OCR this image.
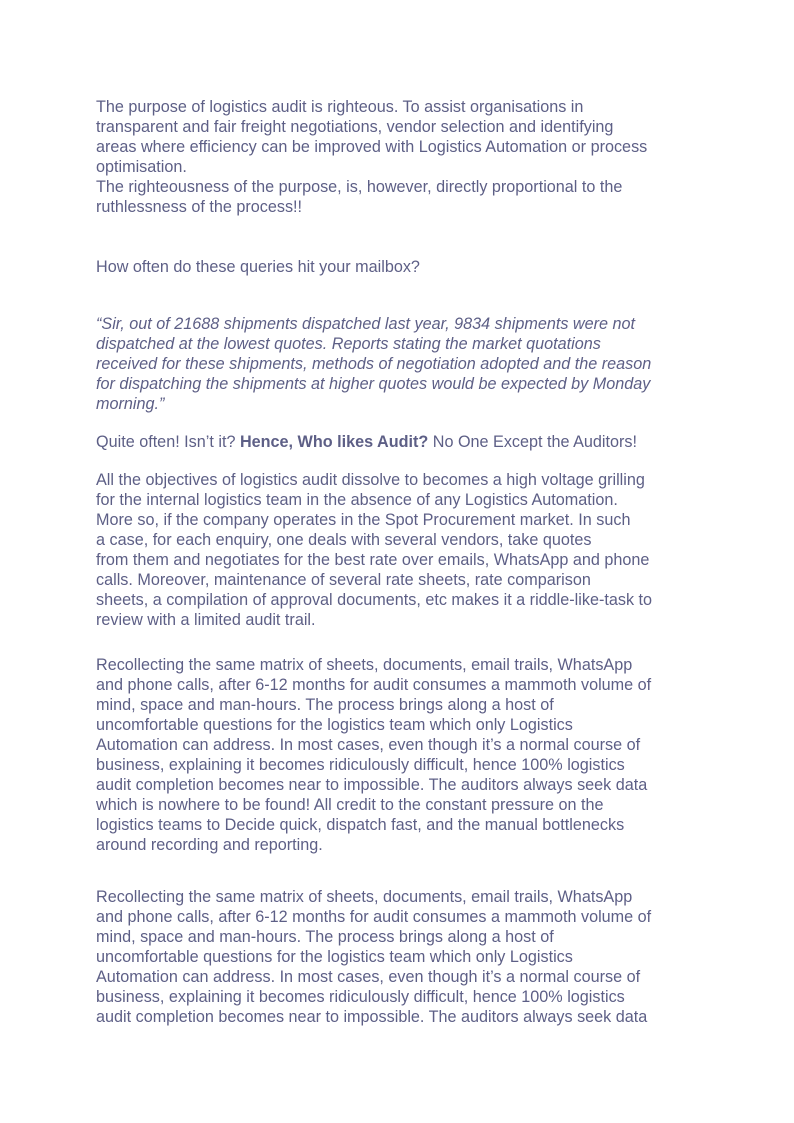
The purpose of logistics audit is righteous. To assist organisations in
transparent and fair freight negotiations, vendor selection and identifying
areas where efficiency can be improved with Logistics Automation or process
optimisation.
The righteousness of the purpose, is, however, directly proportional to the
ruthlessness of the process!!
How often do these queries hit your mailbox?
“Sir, out of 21688 shipments dispatched last year, 9834 shipments were not
dispatched at the lowest quotes. Reports stating the market quotations
received for these shipments, methods of negotiation adopted and the reason
for dispatching the shipments at higher quotes would be expected by Monday
morning.”
Quite often! Isn’t it? Hence, Who likes Audit? No One Except the Auditors!
All the objectives of logistics audit dissolve to becomes a high voltage grilling
for the internal logistics team in the absence of any Logistics Automation.
More so, if the company operates in the Spot Procurement market. In such
a case, for each enquiry, one deals with several vendors, take quotes
from them and negotiates for the best rate over emails, WhatsApp and phone
calls. Moreover, maintenance of several rate sheets, rate comparison
sheets, a compilation of approval documents, etc makes it a riddle-like-task to
review with a limited audit trail.
Recollecting the same matrix of sheets, documents, email trails, WhatsApp
and phone calls, after 6-12 months for audit consumes a mammoth volume of
mind, space and man-hours. The process brings along a host of
uncomfortable questions for the logistics team which only Logistics
Automation can address. In most cases, even though it’s a normal course of
business, explaining it becomes ridiculously difficult, hence 100% logistics
audit completion becomes near to impossible. The auditors always seek data
which is nowhere to be found! All credit to the constant pressure on the
logistics teams to Decide quick, dispatch fast, and the manual bottlenecks
around recording and reporting.
Recollecting the same matrix of sheets, documents, email trails, WhatsApp
and phone calls, after 6-12 months for audit consumes a mammoth volume of
mind, space and man-hours. The process brings along a host of
uncomfortable questions for the logistics team which only Logistics
Automation can address. In most cases, even though it’s a normal course of
business, explaining it becomes ridiculously difficult, hence 100% logistics
audit completion becomes near to impossible. The auditors always seek data
